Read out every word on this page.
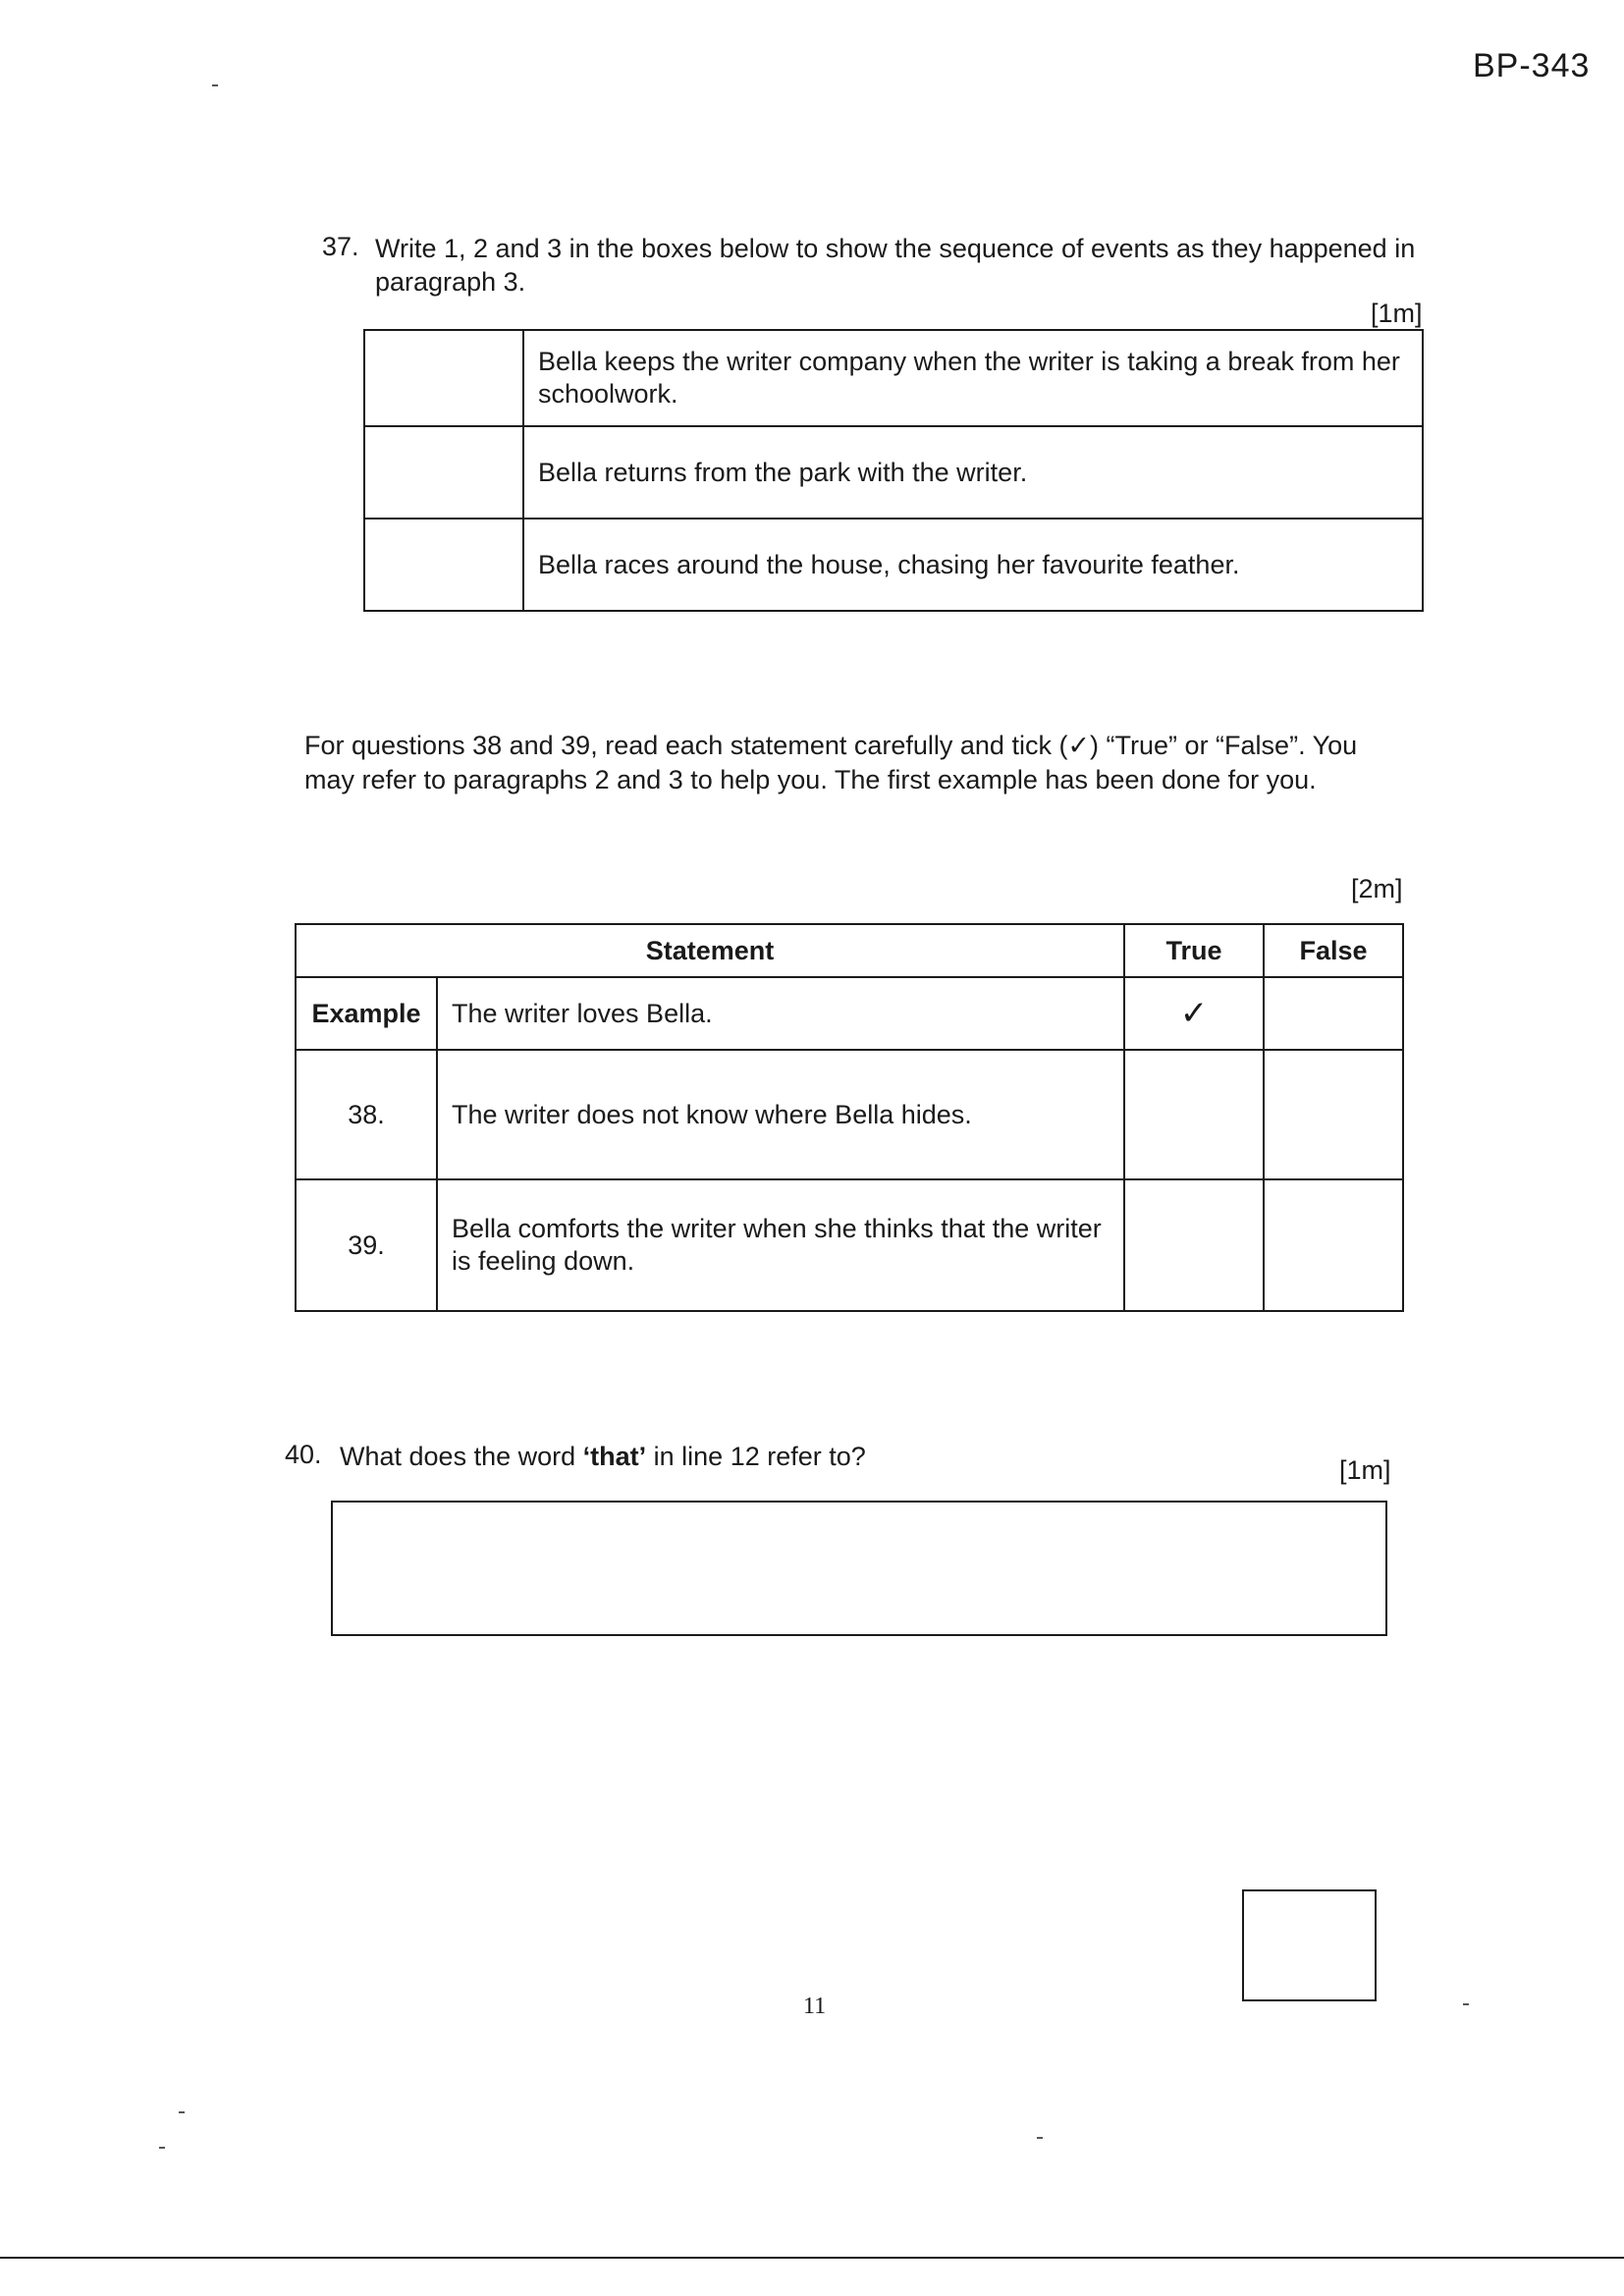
BP-343
37. Write 1, 2 and 3 in the boxes below to show the sequence of events as they happened in paragraph 3.
[1m]
	Bella keeps the writer company when the writer is taking a break from her schoolwork.
	Bella returns from the park with the writer.
	Bella races around the house, chasing her favourite feather.
For questions 38 and 39, read each statement carefully and tick (✓) “True” or “False”. You may refer to paragraphs 2 and 3 to help you. The first example has been done for you.
[2m]
Statement		True	False
Example	The writer loves Bella.	✓	
38.	The writer does not know where Bella hides.		
39.	Bella comforts the writer when she thinks that the writer is feeling down.		
40. What does the word ‘that’ in line 12 refer to?	[1m]
11
